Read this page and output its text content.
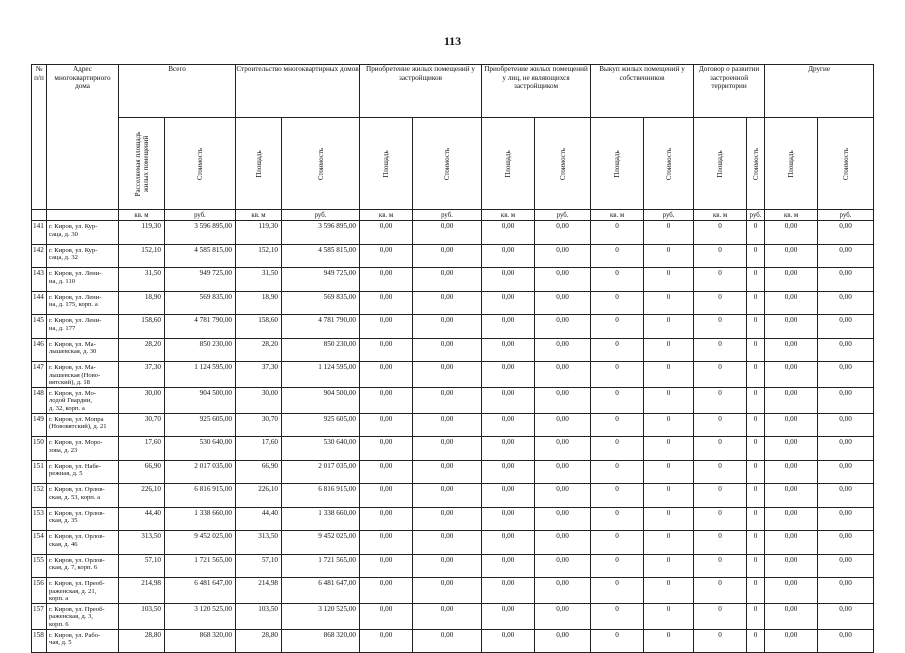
113
№
п/п	Адрес многоквартирного дома	Всего		Строительство многоквартирных домов		Приобретение жилых помещений у застройщиков		Приобретение жилых помещений у лиц, не являющихся застройщиком		Выкуп жилых помещений у собственников		Договор о развитии застроенной территории		Другие	

		Расселяемая площадь жилых помещений	Стоимость	Площадь	Стоимость	Площадь	Стоимость	Площадь	Стоимость	Площадь	Стоимость	Площадь	Стоимость	Площадь	Стоимость

		кв. м	руб.	кв. м	руб.	кв. м	руб.	кв. м	руб.	кв. м	руб.	кв. м	руб.	кв. м	руб.
141	г. Киров, ул. Кур-
саца, д. 30	119,30	3 596 895,00	119,30	3 596 895,00	0,00	0,00	0,00	0,00	0	0	0	0	0,00	0,00
142	г. Киров, ул. Кур-
саца, д. 32	152,10	4 585 815,00	152,10	4 585 815,00	0,00	0,00	0,00	0,00	0	0	0	0	0,00	0,00
143	г. Киров, ул. Лени-
на, д. 110	31,50	949 725,00	31,50	949 725,00	0,00	0,00	0,00	0,00	0	0	0	0	0,00	0,00
144	г. Киров, ул. Лени-
на, д. 175, корп. а	18,90	569 835,00	18,90	569 835,00	0,00	0,00	0,00	0,00	0	0	0	0	0,00	0,00
145	г. Киров, ул. Лени-
на, д. 177	158,60	4 781 790,00	158,60	4 781 790,00	0,00	0,00	0,00	0,00	0	0	0	0	0,00	0,00
146	г. Киров, ул. Ма-
лышевская, д. 30	28,20	850 230,00	28,20	850 230,00	0,00	0,00	0,00	0,00	0	0	0	0	0,00	0,00
147	г. Киров, ул. Ма-
лышевская (Ново-
вятский), д. 18	37,30	1 124 595,00	37,30	1 124 595,00	0,00	0,00	0,00	0,00	0	0	0	0	0,00	0,00
148	г. Киров, ул. Мо-
лодой Гвардии,
д. 32, корп. а	30,00	904 500,00	30,00	904 500,00	0,00	0,00	0,00	0,00	0	0	0	0	0,00	0,00
149	г. Киров, ул. Мопра
(Нововятский), д. 21	30,70	925 605,00	30,70	925 605,00	0,00	0,00	0,00	0,00	0	0	0	0	0,00	0,00
150	г. Киров, ул. Моро-
зова, д. 23	17,60	530 640,00	17,60	530 640,00	0,00	0,00	0,00	0,00	0	0	0	0	0,00	0,00
151	г. Киров, ул. Набе-
режная, д. 5	66,90	2 017 035,00	66,90	2 017 035,00	0,00	0,00	0,00	0,00	0	0	0	0	0,00	0,00
152	г. Киров, ул. Орлов-
ская, д. 53, корп. а	226,10	6 816 915,00	226,10	6 816 915,00	0,00	0,00	0,00	0,00	0	0	0	0	0,00	0,00
153	г. Киров, ул. Орлов-
ская, д. 35	44,40	1 338 660,00	44,40	1 338 660,00	0,00	0,00	0,00	0,00	0	0	0	0	0,00	0,00
154	г. Киров, ул. Орлов-
ская, д. 46	313,50	9 452 025,00	313,50	9 452 025,00	0,00	0,00	0,00	0,00	0	0	0	0	0,00	0,00
155	г. Киров, ул. Орлов-
ская, д. 7, корп. 6	57,10	1 721 565,00	57,10	1 721 565,00	0,00	0,00	0,00	0,00	0	0	0	0	0,00	0,00
156	г. Киров, ул. Преоб-
раженская, д. 21,
корп. а	214,98	6 481 647,00	214,98	6 481 647,00	0,00	0,00	0,00	0,00	0	0	0	0	0,00	0,00
157	г. Киров, ул. Преоб-
раженская, д. 3,
корп. 6	103,50	3 120 525,00	103,50	3 120 525,00	0,00	0,00	0,00	0,00	0	0	0	0	0,00	0,00
158	г. Киров, ул. Рабо-
чая, д. 5	28,80	868 320,00	28,80	868 320,00	0,00	0,00	0,00	0,00	0	0	0	0	0,00	0,00
